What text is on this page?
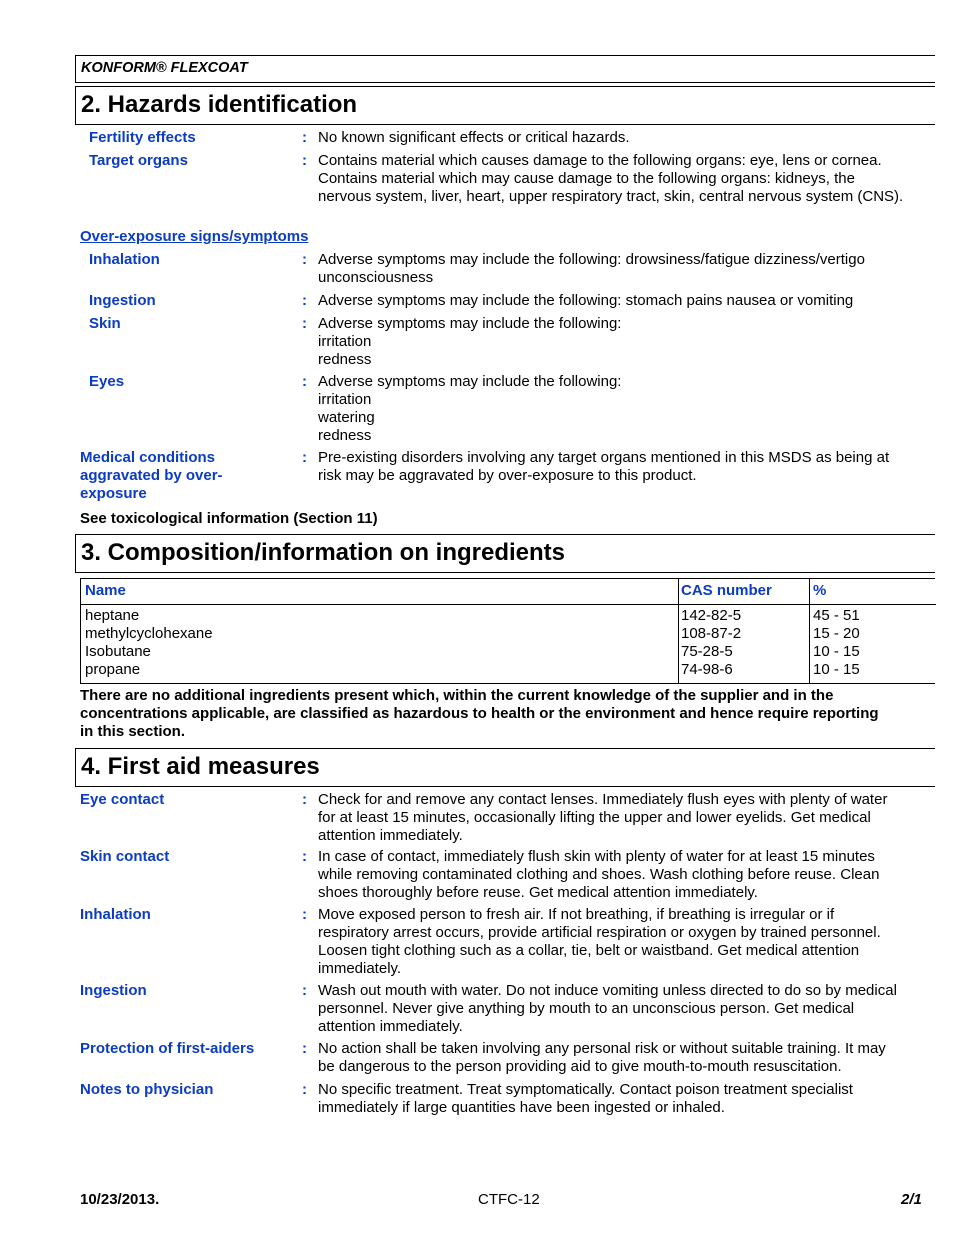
KONFORM® FLEXCOAT
2. Hazards identification
Fertility effects	: No known significant effects or critical hazards.
Target organs	: Contains material which causes damage to the following organs: eye, lens or cornea.
Contains material which may cause damage to the following organs: kidneys, the
nervous system, liver, heart, upper respiratory tract, skin, central nervous system (CNS).
Over-exposure signs/symptoms
Inhalation	: Adverse symptoms may include the following: drowsiness/fatigue dizziness/vertigo
unconsciousness
Ingestion	: Adverse symptoms may include the following: stomach pains nausea or vomiting
Skin	: Adverse symptoms may include the following:
irritation
redness
Eyes	: Adverse symptoms may include the following:
irritation
watering
redness
Medical conditions
aggravated by over-
exposure
: Pre-existing disorders involving any target organs mentioned in this MSDS as being at
risk may be aggravated by over-exposure to this product.
See toxicological information (Section 11)
3. Composition/information on ingredients
Name	CAS number	%
heptane	142-82-5	45 - 51
methylcyclohexane	108-87-2	15 - 20
Isobutane	75-28-5	10 - 15
propane	74-98-6	10 - 15
There are no additional ingredients present which, within the current knowledge of the supplier and in the
concentrations applicable, are classified as hazardous to health or the environment and hence require reporting
in this section.
4. First aid measures
Eye contact	: Check for and remove any contact lenses. Immediately flush eyes with plenty of water
for at least 15 minutes, occasionally lifting the upper and lower eyelids. Get medical
attention immediately.
Skin contact	: In case of contact, immediately flush skin with plenty of water for at least 15 minutes
while removing contaminated clothing and shoes. Wash clothing before reuse. Clean
shoes thoroughly before reuse. Get medical attention immediately.
Inhalation	: Move exposed person to fresh air. If not breathing, if breathing is irregular or if
respiratory arrest occurs, provide artificial respiration or oxygen by trained personnel.
Loosen tight clothing such as a collar, tie, belt or waistband. Get medical attention
immediately.
Ingestion	: Wash out mouth with water. Do not induce vomiting unless directed to do so by medical
personnel. Never give anything by mouth to an unconscious person. Get medical
attention immediately.
Protection of first-aiders	: No action shall be taken involving any personal risk or without suitable training. It may
be dangerous to the person providing aid to give mouth-to-mouth resuscitation.
Notes to physician	: No specific treatment. Treat symptomatically. Contact poison treatment specialist
immediately if large quantities have been ingested or inhaled.
10/23/2013.	CTFC-12	2/1
